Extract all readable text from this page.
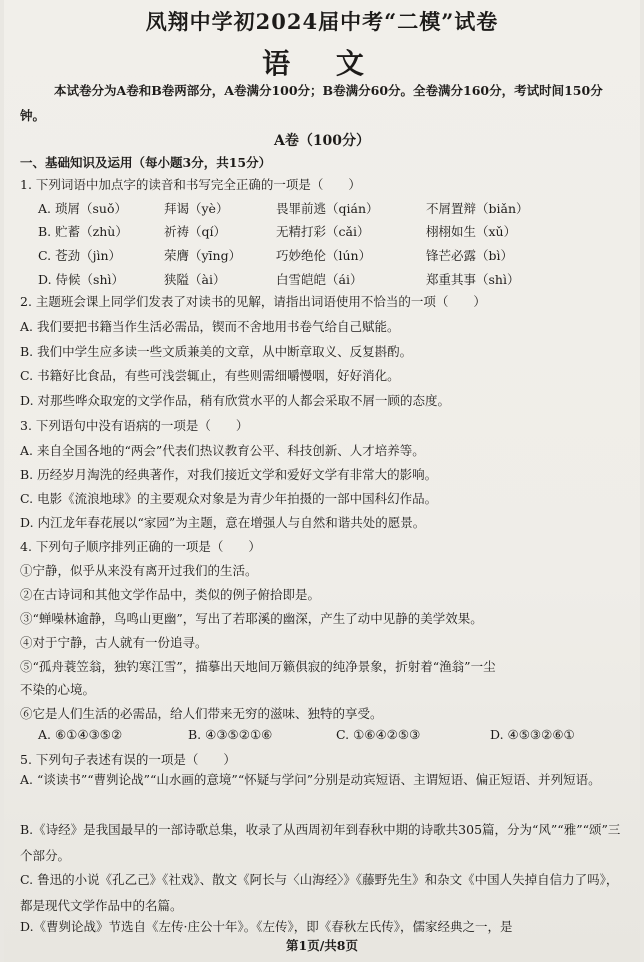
凤翔中学初2024届中考“二模”试卷
语 文
本试卷分为A卷和B卷两部分，A卷满分100分；B卷满分60分。全卷满分160分，考试时间150分钟。
A卷（100分）
一、基础知识及运用（每小题3分，共15分）
1. 下列词语中加点字的读音和书写完全正确的一项是（　　）
A. 琐屑（suǒ）	拜谒（yè）	畏罪前逃（qián）	不屑置辩（biǎn）
B. 贮蓄（zhù）	祈祷（qí）	无精打彩（cǎi）	栩栩如生（xǔ）
C. 苍劲（jìn）	荣膺（yīng）	巧妙绝伦（lún）	锋芒必露（bì）
D. 侍候（shì）	狭隘（ài）	白雪皑皑（ái）	郑重其事（shì）
2. 主题班会课上同学们发表了对读书的见解，请指出词语使用不恰当的一项（　　）
A. 我们要把书籍当作生活必需品，锲而不舍地用书卷气给自己赋能。
B. 我们中学生应多读一些文质兼美的文章，从中断章取义、反复斟酌。
C. 书籍好比食品，有些可浅尝辄止，有些则需细嚼慢咽，好好消化。
D. 对那些哗众取宠的文学作品，稍有欣赏水平的人都会采取不屑一顾的态度。
3. 下列语句中没有语病的一项是（　　）
A. 来自全国各地的“两会”代表们热议教育公平、科技创新、人才培养等。
B. 历经岁月淘洗的经典著作，对我们接近文学和爱好文学有非常大的影响。
C. 电影《流浪地球》的主要观众对象是为青少年拍摄的一部中国科幻作品。
D. 内江龙年春花展以“家园”为主题，意在增强人与自然和谐共处的愿景。
4. 下列句子顺序排列正确的一项是（　　）
①宁静，似乎从来没有离开过我们的生活。
②在古诗词和其他文学作品中，类似的例子俯拾即是。
③“蝉噪林逾静，鸟鸣山更幽”，写出了若耶溪的幽深，产生了动中见静的美学效果。
④对于宁静，古人就有一份追寻。
⑤“孤舟蓑笠翁，独钓寒江雪”，描摹出天地间万籁俱寂的纯净景象，折射着“渔翁”一尘
不染的心境。
⑥它是人们生活的必需品，给人们带来无穷的滋味、独特的享受。
A. ⑥①④③⑤②	B. ④③⑤②①⑥	C. ①⑥④②⑤③	D. ④⑤③②⑥①
5. 下列句子表述有误的一项是（　　）
A. “谈读书”“曹刿论战”“山水画的意境”“怀疑与学问”分别是动宾短语、主谓短语、偏正短语、并列短语。
B.《诗经》是我国最早的一部诗歌总集，收录了从西周初年到春秋中期的诗歌共305篇，分为“风”“雅”“颂”三个部分。
C. 鲁迅的小说《孔乙己》《社戏》、散文《阿长与〈山海经〉》《藤野先生》和杂文《中国人失掉自信力了吗》，都是现代文学作品中的名篇。
D.《曹刿论战》节选自《左传·庄公十年》。《左传》，即《春秋左氏传》，儒家经典之一，是
第1页/共8页
